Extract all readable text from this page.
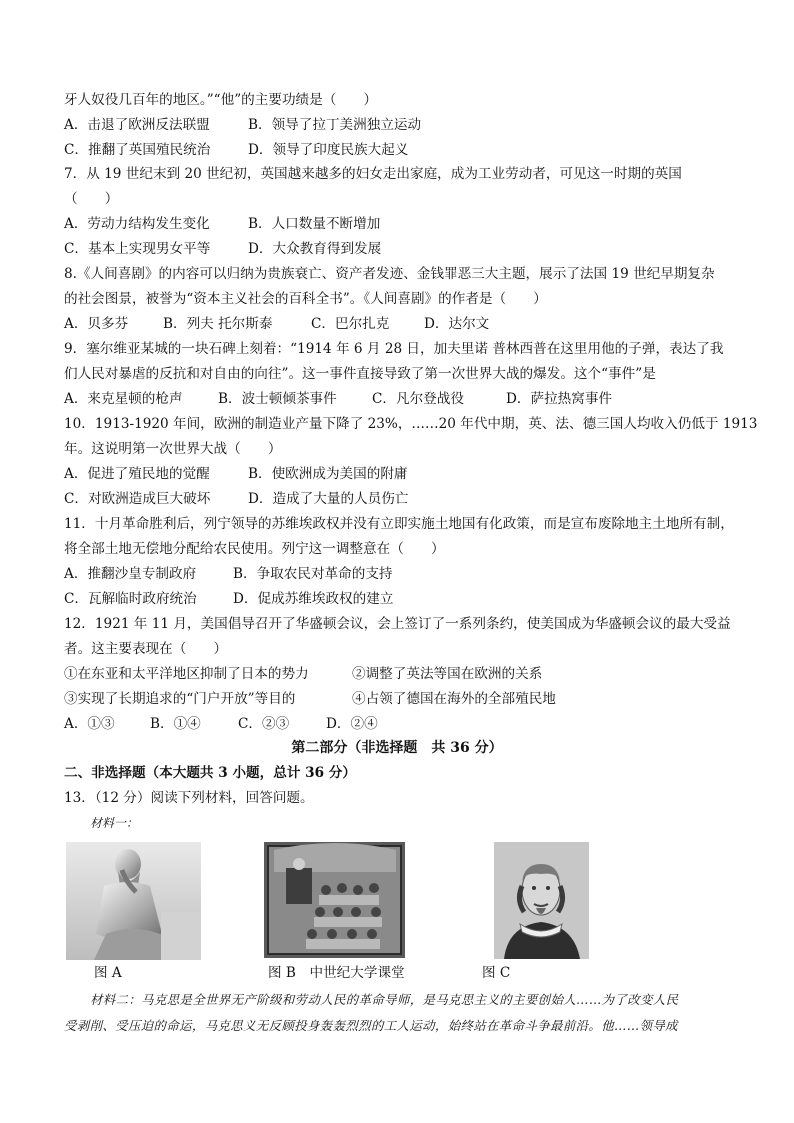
牙人奴役几百年的地区。”“他”的主要功绩是（　　）
A．击退了欧洲反法联盟	B．领导了拉丁美洲独立运动
C．推翻了英国殖民统治	D．领导了印度民族大起义
7．从 19 世纪末到 20 世纪初，英国越来越多的妇女走出家庭，成为工业劳动者，可见这一时期的英国
（　　）
A．劳动力结构发生变化	B．人口数量不断增加
C．基本上实现男女平等	D．大众教育得到发展
8.《人间喜剧》的内容可以归纳为贵族衰亡、资产者发迹、金钱罪恶三大主题，展示了法国 19 世纪早期复杂
的社会图景，被誉为“资本主义社会的百科全书”。《人间喜剧》的作者是（　　）
A．贝多芬	B．列夫 托尔斯泰	C．巴尔扎克	D．达尔文
9．塞尔维亚某城的一块石碑上刻着：“1914 年 6 月 28 日，加夫里诺 普林西普在这里用他的子弹，表达了我
们人民对暴虐的反抗和对自由的向往”。这一事件直接导致了第一次世界大战的爆发。这个“事件”是
A．来克星顿的枪声	B．波士顿倾茶事件	C．凡尔登战役	D．萨拉热窝事件
10．1913-1920 年间，欧洲的制造业产量下降了 23%，……20 年代中期，英、法、德三国人均收入仍低于 1913
年。这说明第一次世界大战（　　）
A．促进了殖民地的觉醒	B．使欧洲成为美国的附庸
C．对欧洲造成巨大破坏	D．造成了大量的人员伤亡
11．十月革命胜利后，列宁领导的苏维埃政权并没有立即实施土地国有化政策，而是宣布废除地主土地所有制，
将全部土地无偿地分配给农民使用。列宁这一调整意在（　　）
A．推翻沙皇专制政府	B．争取农民对革命的支持
C．瓦解临时政府统治	D．促成苏维埃政权的建立
12．1921 年 11 月，美国倡导召开了华盛顿会议，会上签订了一系列条约，使美国成为华盛顿会议的最大受益
者。这主要表现在（　　）
①在东亚和太平洋地区抑制了日本的势力	②调整了英法等国在欧洲的关系
③实现了长期追求的“门户开放”等目的	④占领了德国在海外的全部殖民地
A．①③	B．①④	C．②③	D．②④
第二部分（非选择题　共 36 分）
二、非选择题（本大题共 3 小题，总计 36 分）
13．（12 分）阅读下列材料，回答问题。
材料一：
图 A	图 B　中世纪大学课堂	图 C
材料二：马克思是全世界无产阶级和劳动人民的革命导师，是马克思主义的主要创始人……为了改变人民
受剥削、受压迫的命运，马克思义无反顾投身轰轰烈烈的工人运动，始终站在革命斗争最前沿。他……领导成
